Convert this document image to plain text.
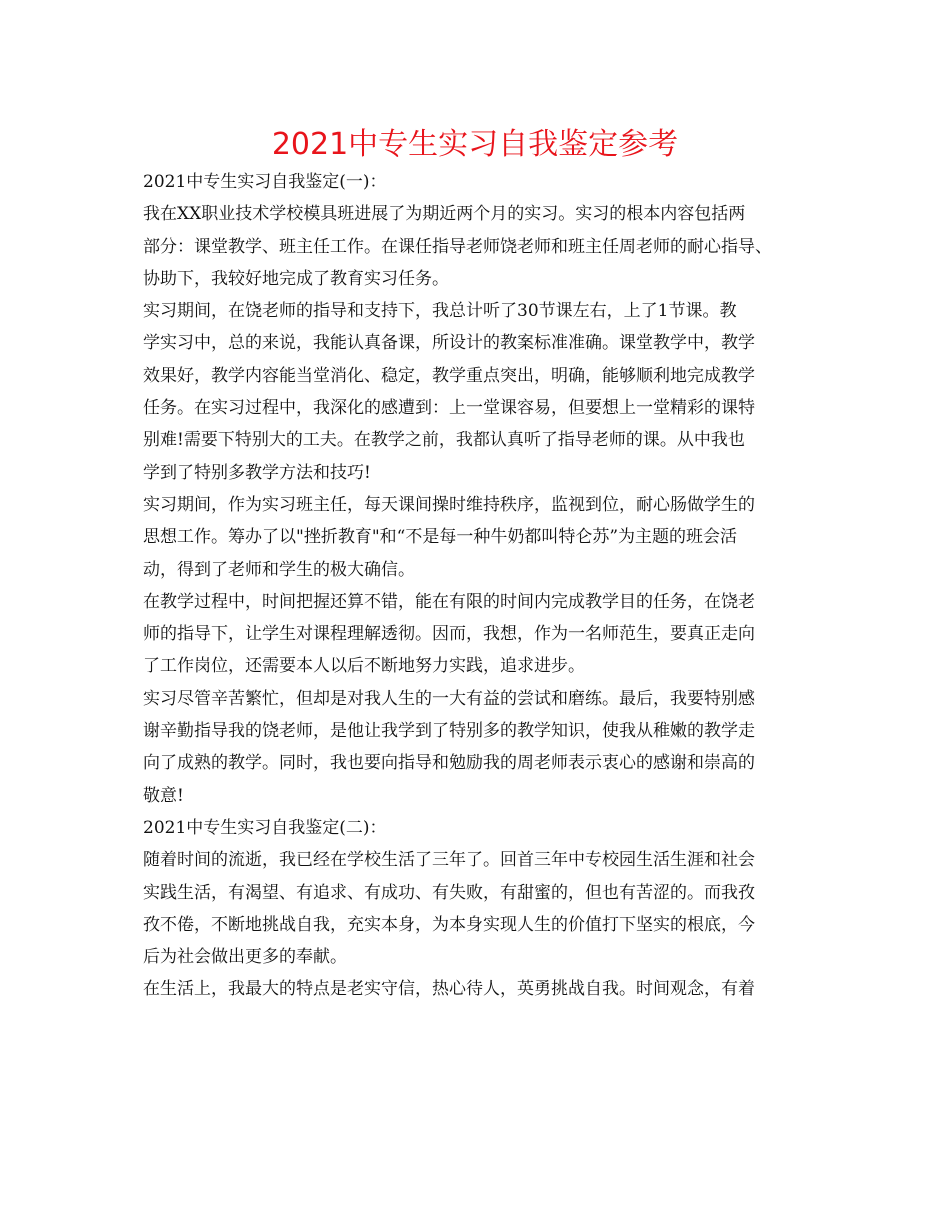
2021中专生实习自我鉴定参考
2021中专生实习自我鉴定(一)：
我在XX职业技术学校模具班进展了为期近两个月的实习。实习的根本内容包括两
部分：课堂教学、班主任工作。在课任指导老师饶老师和班主任周老师的耐心指导、
协助下，我较好地完成了教育实习任务。
实习期间，在饶老师的指导和支持下，我总计听了30节课左右，上了1节课。教
学实习中，总的来说，我能认真备课，所设计的教案标准准确。课堂教学中，教学
效果好，教学内容能当堂消化、稳定，教学重点突出，明确，能够顺利地完成教学
任务。在实习过程中，我深化的感遭到：上一堂课容易，但要想上一堂精彩的课特
别难!需要下特别大的工夫。在教学之前，我都认真听了指导老师的课。从中我也
学到了特别多教学方法和技巧!
实习期间，作为实习班主任，每天课间操时维持秩序，监视到位，耐心肠做学生的
思想工作。筹办了以"挫折教育"和“不是每一种牛奶都叫特仑苏”为主题的班会活
动，得到了老师和学生的极大确信。
在教学过程中，时间把握还算不错，能在有限的时间内完成教学目的任务，在饶老
师的指导下，让学生对课程理解透彻。因而，我想，作为一名师范生，要真正走向
了工作岗位，还需要本人以后不断地努力实践，追求进步。
实习尽管辛苦繁忙，但却是对我人生的一大有益的尝试和磨练。最后，我要特别感
谢辛勤指导我的饶老师，是他让我学到了特别多的教学知识，使我从稚嫩的教学走
向了成熟的教学。同时，我也要向指导和勉励我的周老师表示衷心的感谢和崇高的
敬意!
2021中专生实习自我鉴定(二)：
随着时间的流逝，我已经在学校生活了三年了。回首三年中专校园生活生涯和社会
实践生活，有渴望、有追求、有成功、有失败，有甜蜜的，但也有苦涩的。而我孜
孜不倦，不断地挑战自我，充实本身，为本身实现人生的价值打下坚实的根底，今
后为社会做出更多的奉献。
在生活上，我最大的特点是老实守信，热心待人，英勇挑战自我。时间观念，有着
